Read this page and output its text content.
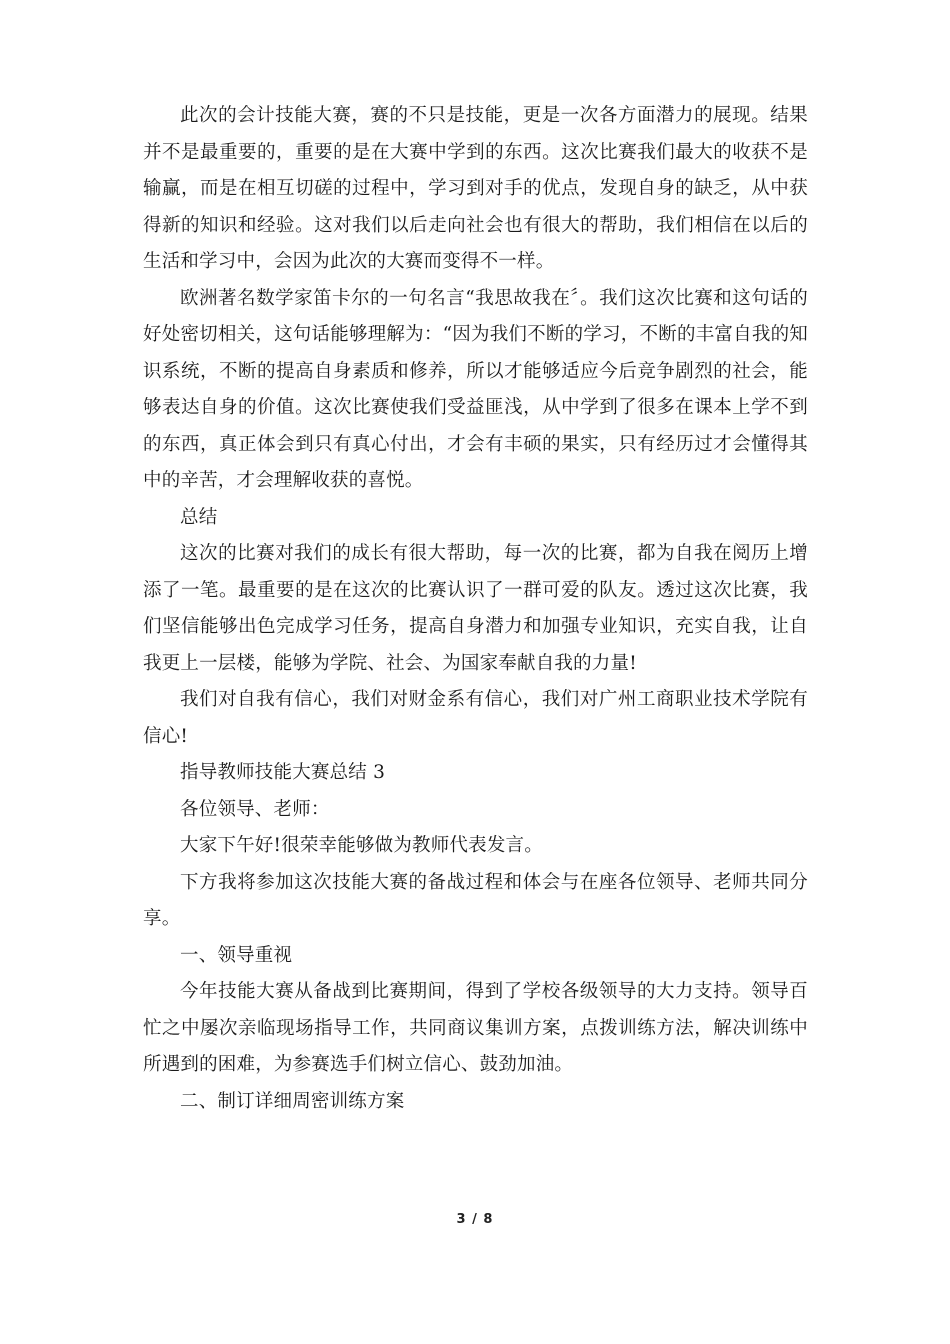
此次的会计技能大赛，赛的不只是技能，更是一次各方面潜力的展现。结果并不是最重要的，重要的是在大赛中学到的东西。这次比赛我们最大的收获不是输赢，而是在相互切磋的过程中，学习到对手的优点，发现自身的缺乏，从中获得新的知识和经验。这对我们以后走向社会也有很大的帮助，我们相信在以后的生活和学习中，会因为此次的大赛而变得不一样。

欧洲著名数学家笛卡尔的一句名言“我思故我在〞。我们这次比赛和这句话的好处密切相关，这句话能够理解为：“因为我们不断的学习，不断的丰富自我的知识系统，不断的提高自身素质和修养，所以才能够适应今后竞争剧烈的社会，能够表达自身的价值。这次比赛使我们受益匪浅，从中学到了很多在课本上学不到的东西，真正体会到只有真心付出，才会有丰硕的果实，只有经历过才会懂得其中的辛苦，才会理解收获的喜悦。

总结

这次的比赛对我们的成长有很大帮助，每一次的比赛，都为自我在阅历上增添了一笔。最重要的是在这次的比赛认识了一群可爱的队友。透过这次比赛，我们坚信能够出色完成学习任务，提高自身潜力和加强专业知识，充实自我，让自我更上一层楼，能够为学院、社会、为国家奉献自我的力量!

我们对自我有信心，我们对财金系有信心，我们对广州工商职业技术学院有信心!

指导教师技能大赛总结 3

各位领导、老师：

大家下午好!很荣幸能够做为教师代表发言。

下方我将参加这次技能大赛的备战过程和体会与在座各位领导、老师共同分享。

一、领导重视

今年技能大赛从备战到比赛期间，得到了学校各级领导的大力支持。领导百忙之中屡次亲临现场指导工作，共同商议集训方案，点拨训练方法，解决训练中所遇到的困难，为参赛选手们树立信心、鼓劲加油。

二、制订详细周密训练方案

3 / 8
